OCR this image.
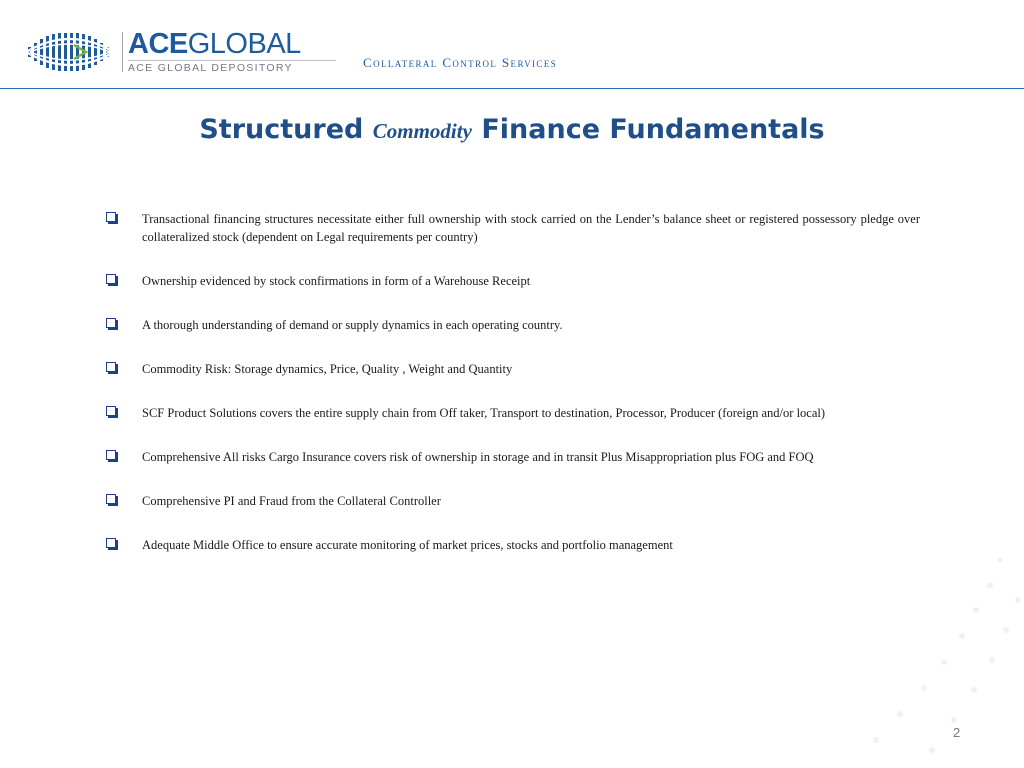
ACEGLOBAL
ACE GLOBAL DEPOSITORY	Collateral Control Services
Structured Commodity Finance Fundamentals
Transactional financing structures necessitate either full ownership with stock carried on the Lender’s balance sheet or registered possessory pledge over collateralized stock (dependent on Legal requirements per country)
Ownership evidenced by stock confirmations in form of a Warehouse Receipt
A thorough understanding of demand or supply dynamics in each operating country.
Commodity Risk: Storage dynamics, Price, Quality , Weight and Quantity
SCF Product Solutions covers the entire supply chain from Off taker, Transport to destination, Processor, Producer (foreign and/or local)
Comprehensive All risks Cargo Insurance covers risk of ownership in storage and in transit Plus Misappropriation plus FOG and FOQ
Comprehensive PI and Fraud from the Collateral Controller
Adequate Middle Office to ensure accurate monitoring of market prices, stocks and portfolio management
2
